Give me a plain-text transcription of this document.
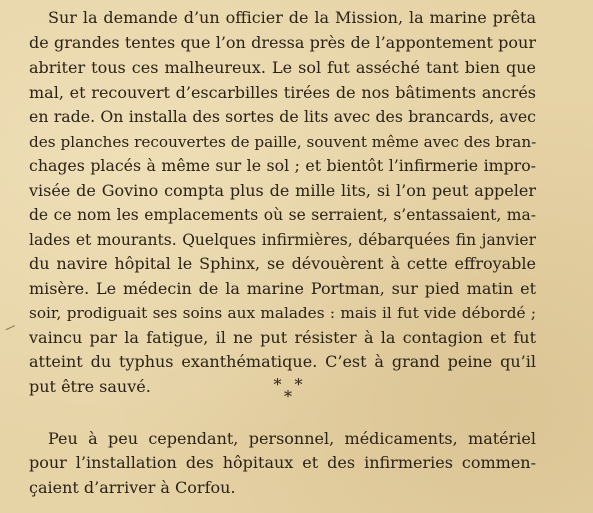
Sur la demande d’un officier de la Mission, la marine prêta
de grandes tentes que l’on dressa près de l’appontement pour
abriter tous ces malheureux. Le sol fut asséché tant bien que
mal, et recouvert d’escarbilles tirées de nos bâtiments ancrés
en rade. On installa des sortes de lits avec des brancards, avec
des planches recouvertes de paille, souvent même avec des bran-
chages placés à même sur le sol ; et bientôt l’infirmerie impro-
visée de Govino compta plus de mille lits, si l’on peut appeler
de ce nom les emplacements où se serraient, s’entassaient, ma-
lades et mourants. Quelques infirmières, débarquées fin janvier
du navire hôpital le Sphinx, se dévouèrent à cette effroyable
misère. Le médecin de la marine Portman, sur pied matin et
soir, prodiguait ses soins aux malades : mais il fut vide débordé ;
vaincu par la fatigue, il ne put résister à la contagion et fut
atteint du typhus exanthématique. C’est à grand peine qu’il
put être sauvé.	* * *
Peu à peu cependant, personnel, médicaments, matériel
pour l’installation des hôpitaux et des infirmeries commen-
çaient d’arriver à Corfou.
